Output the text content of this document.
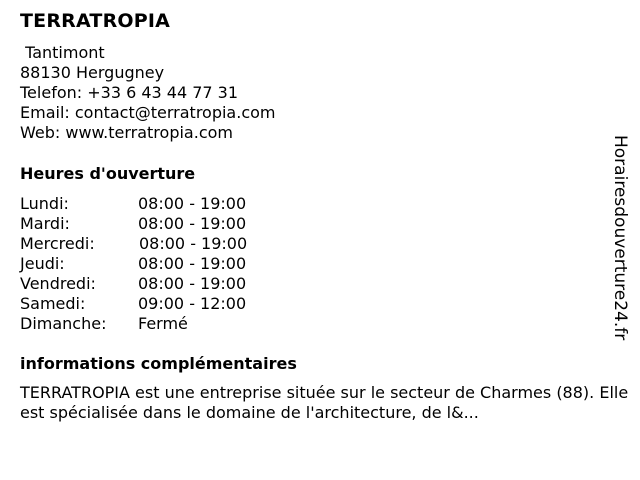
TERRATROPIA
Tantimont
88130 Hergugney
Telefon: +33 6 43 44 77 31
Email: contact@terratropia.com
Web: www.terratropia.com
Heures d'ouverture
Lundi:	08:00 - 19:00
Mardi:	08:00 - 19:00
Mercredi:	08:00 - 19:00
Jeudi:	08:00 - 19:00
Vendredi:	08:00 - 19:00
Samedi:	09:00 - 12:00
Dimanche: Fermé
informations complémentaires
TERRATROPIA est une entreprise située sur le secteur de Charmes (88). Elle est spécialisée dans le domaine de l'architecture, de l&...
Horairesdouverture24.fr
